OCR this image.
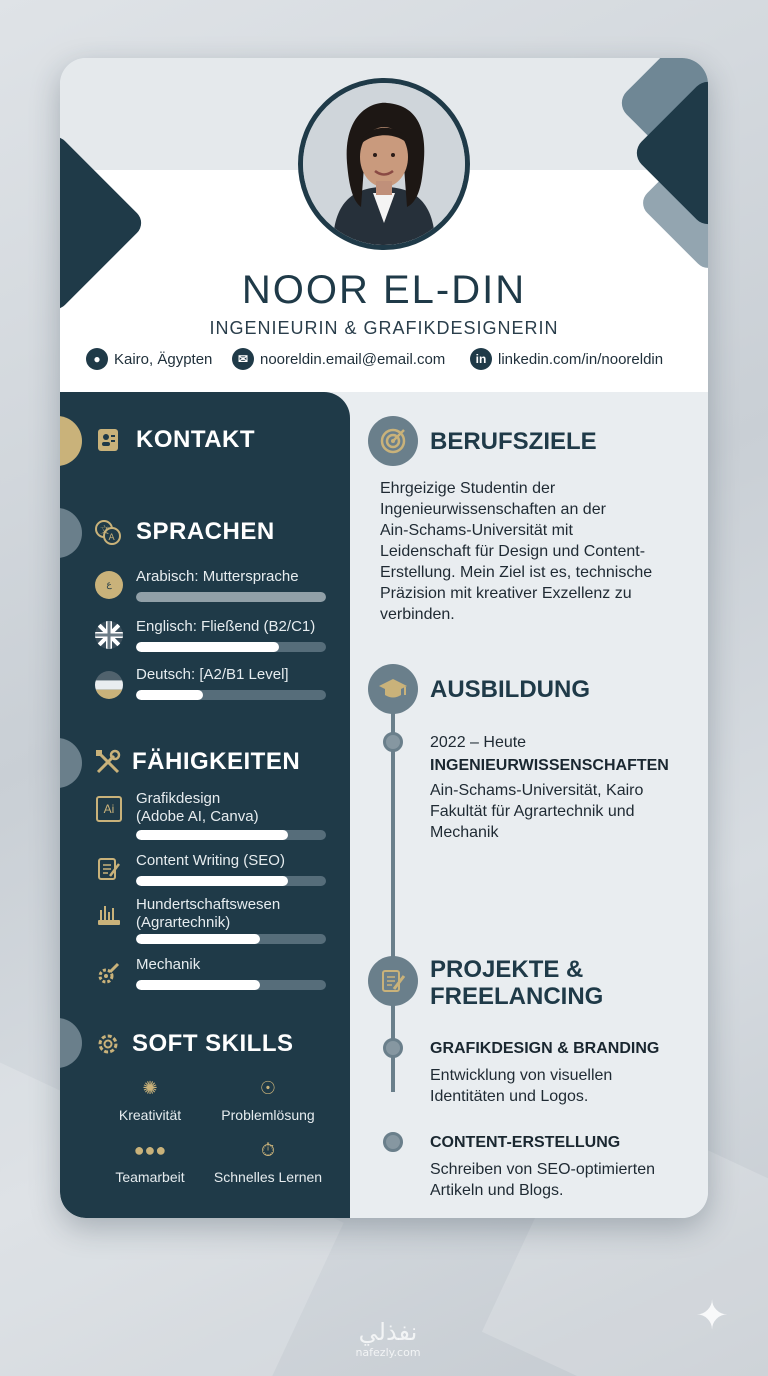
NOOR EL-DIN
INGENIEURIN & GRAFIKDESIGNERIN
● Kairo, Ägypten	✉ nooreldin.email@email.com	in linkedin.com/in/nooreldin
KONTAKT
A
文 SPRACHEN
ع	Arabisch: Muttersprache
Englisch: Fließend (B2/C1)
Deutsch: [A2/B1 Level]
FÄHIGKEITEN
Ai
Grafikdesign
(Adobe AI, Canva)
Content Writing (SEO)
Hundertschaftswesen
(Agrartechnik)
Mechanik
SOFT SKILLS
✺
Kreativität
☉
Problemlösung
●●●
Teamarbeit
⏱
Schnelles Lernen
BERUFSZIELE
Ehrgeizige Studentin der
Ingenieurwissenschaften an der
Ain-Schams-Universität mit
Leidenschaft für Design und Content-
Erstellung. Mein Ziel ist es, technische
Präzision mit kreativer Exzellenz zu
verbinden.
AUSBILDUNG
2022 – Heute
INGENIEURWISSENSCHAFTEN
Ain-Schams-Universität, Kairo
Fakultät für Agrartechnik und
Mechanik
PROJEKTE &
FREELANCING
GRAFIKDESIGN & BRANDING
Entwicklung von visuellen
Identitäten und Logos.
CONTENT-ERSTELLUNG
Schreiben von SEO-optimierten
Artikeln und Blogs.
نفذلي
nafezly.com
✦
